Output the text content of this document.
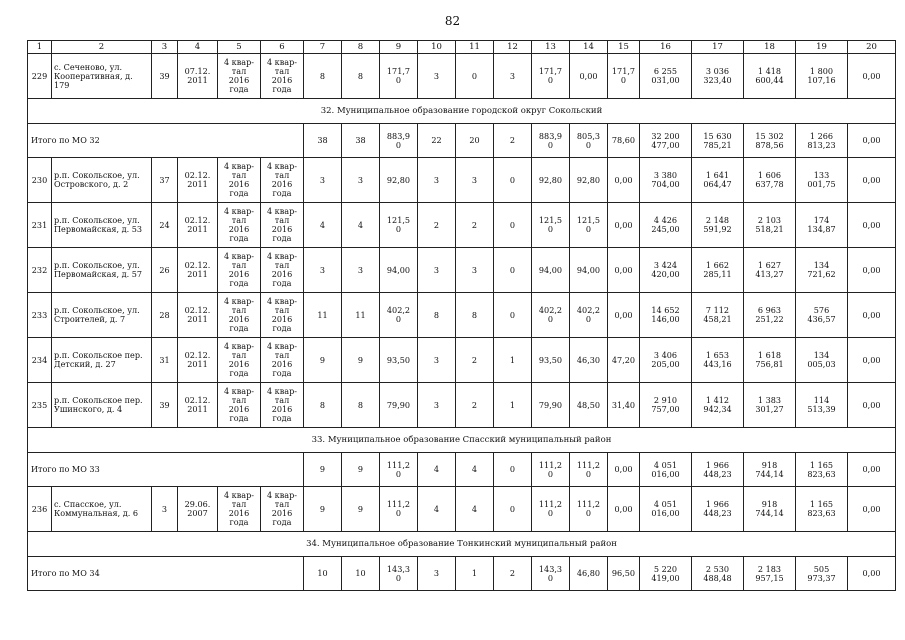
82
1	2	3	4	5	6	7	8	9	10	11	12	13	14	15	16	17	18	19	20
229	с. Сеченово, ул.
Кооперативная, д.
179	39	07.12.
2011	4 квар-
тал
2016
года	4 квар-
тал
2016
года	8	8	171,7
0	3	0	3	171,7
0	0,00	171,7
0	6 255
031,00	3 036
323,40	1 418
600,44	1 800
107,16	0,00
32. Муниципальное образование городской округ Сокольский																			
Итого по МО 32						38	38	883,9
0	22	20	2	883,9
0	805,3
0	78,60	32 200
477,00	15 630
785,21	15 302
878,56	1 266
813,23	0,00
230	р.п. Сокольское, ул.
Островского, д. 2	37	02.12.
2011	4 квар-
тал
2016
года	4 квар-
тал
2016
года	3	3	92,80	3	3	0	92,80	92,80	0,00	3 380
704,00	1 641
064,47	1 606
637,78	133
001,75	0,00
231	р.п. Сокольское, ул.
Первомайская, д. 53	24	02.12.
2011	4 квар-
тал
2016
года	4 квар-
тал
2016
года	4	4	121,5
0	2	2	0	121,5
0	121,5
0	0,00	4 426
245,00	2 148
591,92	2 103
518,21	174
134,87	0,00
232	р.п. Сокольское, ул.
Первомайская, д. 57	26	02.12.
2011	4 квар-
тал
2016
года	4 квар-
тал
2016
года	3	3	94,00	3	3	0	94,00	94,00	0,00	3 424
420,00	1 662
285,11	1 627
413,27	134
721,62	0,00
233	р.п. Сокольское, ул.
Строителей, д. 7	28	02.12.
2011	4 квар-
тал
2016
года	4 квар-
тал
2016
года	11	11	402,2
0	8	8	0	402,2
0	402,2
0	0,00	14 652
146,00	7 112
458,21	6 963
251,22	576
436,57	0,00
234	р.п. Сокольское пер.
Детский, д. 27	31	02.12.
2011	4 квар-
тал
2016
года	4 квар-
тал
2016
года	9	9	93,50	3	2	1	93,50	46,30	47,20	3 406
205,00	1 653
443,16	1 618
756,81	134
005,03	0,00
235	р.п. Сокольское пер.
Ушинского, д. 4	39	02.12.
2011	4 квар-
тал
2016
года	4 квар-
тал
2016
года	8	8	79,90	3	2	1	79,90	48,50	31,40	2 910
757,00	1 412
942,34	1 383
301,27	114
513,39	0,00
33. Муниципальное образование Спасский муниципальный район																			
Итого по МО 33						9	9	111,2
0	4	4	0	111,2
0	111,2
0	0,00	4 051
016,00	1 966
448,23	918
744,14	1 165
823,63	0,00
236	с. Спасское, ул.
Коммунальная, д. 6	3	29.06.
2007	4 квар-
тал
2016
года	4 квар-
тал
2016
года	9	9	111,2
0	4	4	0	111,2
0	111,2
0	0,00	4 051
016,00	1 966
448,23	918
744,14	1 165
823,63	0,00
34. Муниципальное образование Тонкинский муниципальный район																			
Итого по МО 34						10	10	143,3
0	3	1	2	143,3
0	46,80	96,50	5 220
419,00	2 530
488,48	2 183
957,15	505
973,37	0,00
